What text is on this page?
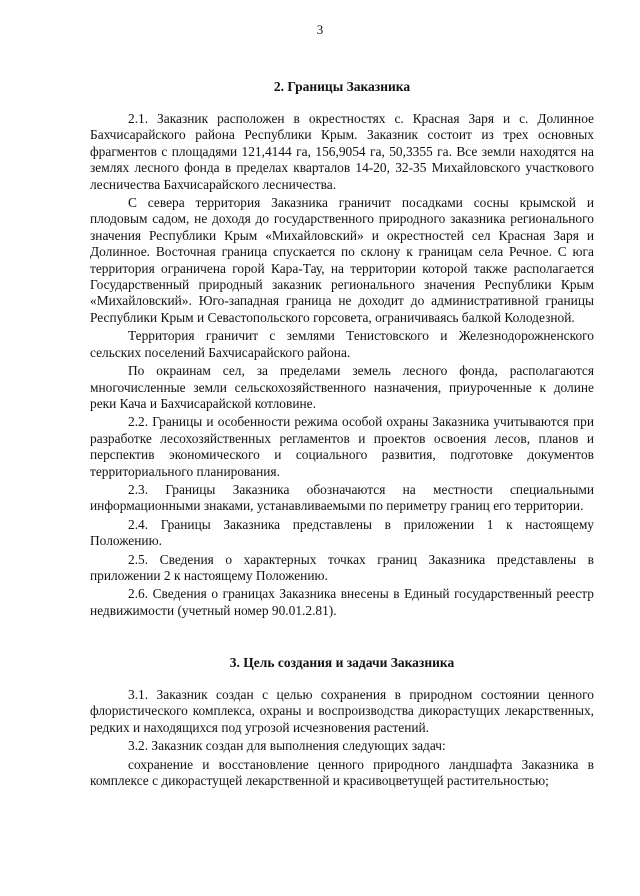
3
2. Границы Заказника

2.1. Заказник расположен в окрестностях с. Красная Заря и с. Долинное Бахчисарайского района Республики Крым. Заказник состоит из трех основных фрагментов с площадями 121,4144 га, 156,9054 га, 50,3355 га. Все земли находятся на землях лесного фонда в пределах кварталов 14-20, 32-35 Михайловского участкового лесничества Бахчисарайского лесничества.

С севера территория Заказника граничит посадками сосны крымской и плодовым садом, не доходя до государственного природного заказника регионального значения Республики Крым «Михайловский» и окрестностей сел Красная Заря и Долинное. Восточная граница спускается по склону к границам села Речное. С юга территория ограничена горой Кара-Тау, на территории которой также располагается Государственный природный заказник регионального значения Республики Крым «Михайловский». Юго-западная граница не доходит до административной границы Республики Крым и Севастопольского горсовета, ограничиваясь балкой Колодезной.

Территория граничит с землями Тенистовского и Железнодорожненского сельских поселений Бахчисарайского района.

По окраинам сел, за пределами земель лесного фонда, располагаются многочисленные земли сельскохозяйственного назначения, приуроченные к долине реки Кача и Бахчисарайской котловине.

2.2. Границы и особенности режима особой охраны Заказника учитываются при разработке лесохозяйственных регламентов и проектов освоения лесов, планов и перспектив экономического и социального развития, подготовке документов территориального планирования.

2.3. Границы Заказника обозначаются на местности специальными информационными знаками, устанавливаемыми по периметру границ его территории.

2.4. Границы Заказника представлены в приложении 1 к настоящему Положению.

2.5. Сведения о характерных точках границ Заказника представлены в приложении 2 к настоящему Положению.

2.6. Сведения о границах Заказника внесены в Единый государственный реестр недвижимости (учетный номер 90.01.2.81).

3. Цель создания и задачи Заказника

3.1. Заказник создан с целью сохранения в природном состоянии ценного флористического комплекса, охраны и воспроизводства дикорастущих лекарственных, редких и находящихся под угрозой исчезновения растений.

3.2. Заказник создан для выполнения следующих задач:

сохранение и восстановление ценного природного ландшафта Заказника в комплексе с дикорастущей лекарственной и красивоцветущей растительностью;
